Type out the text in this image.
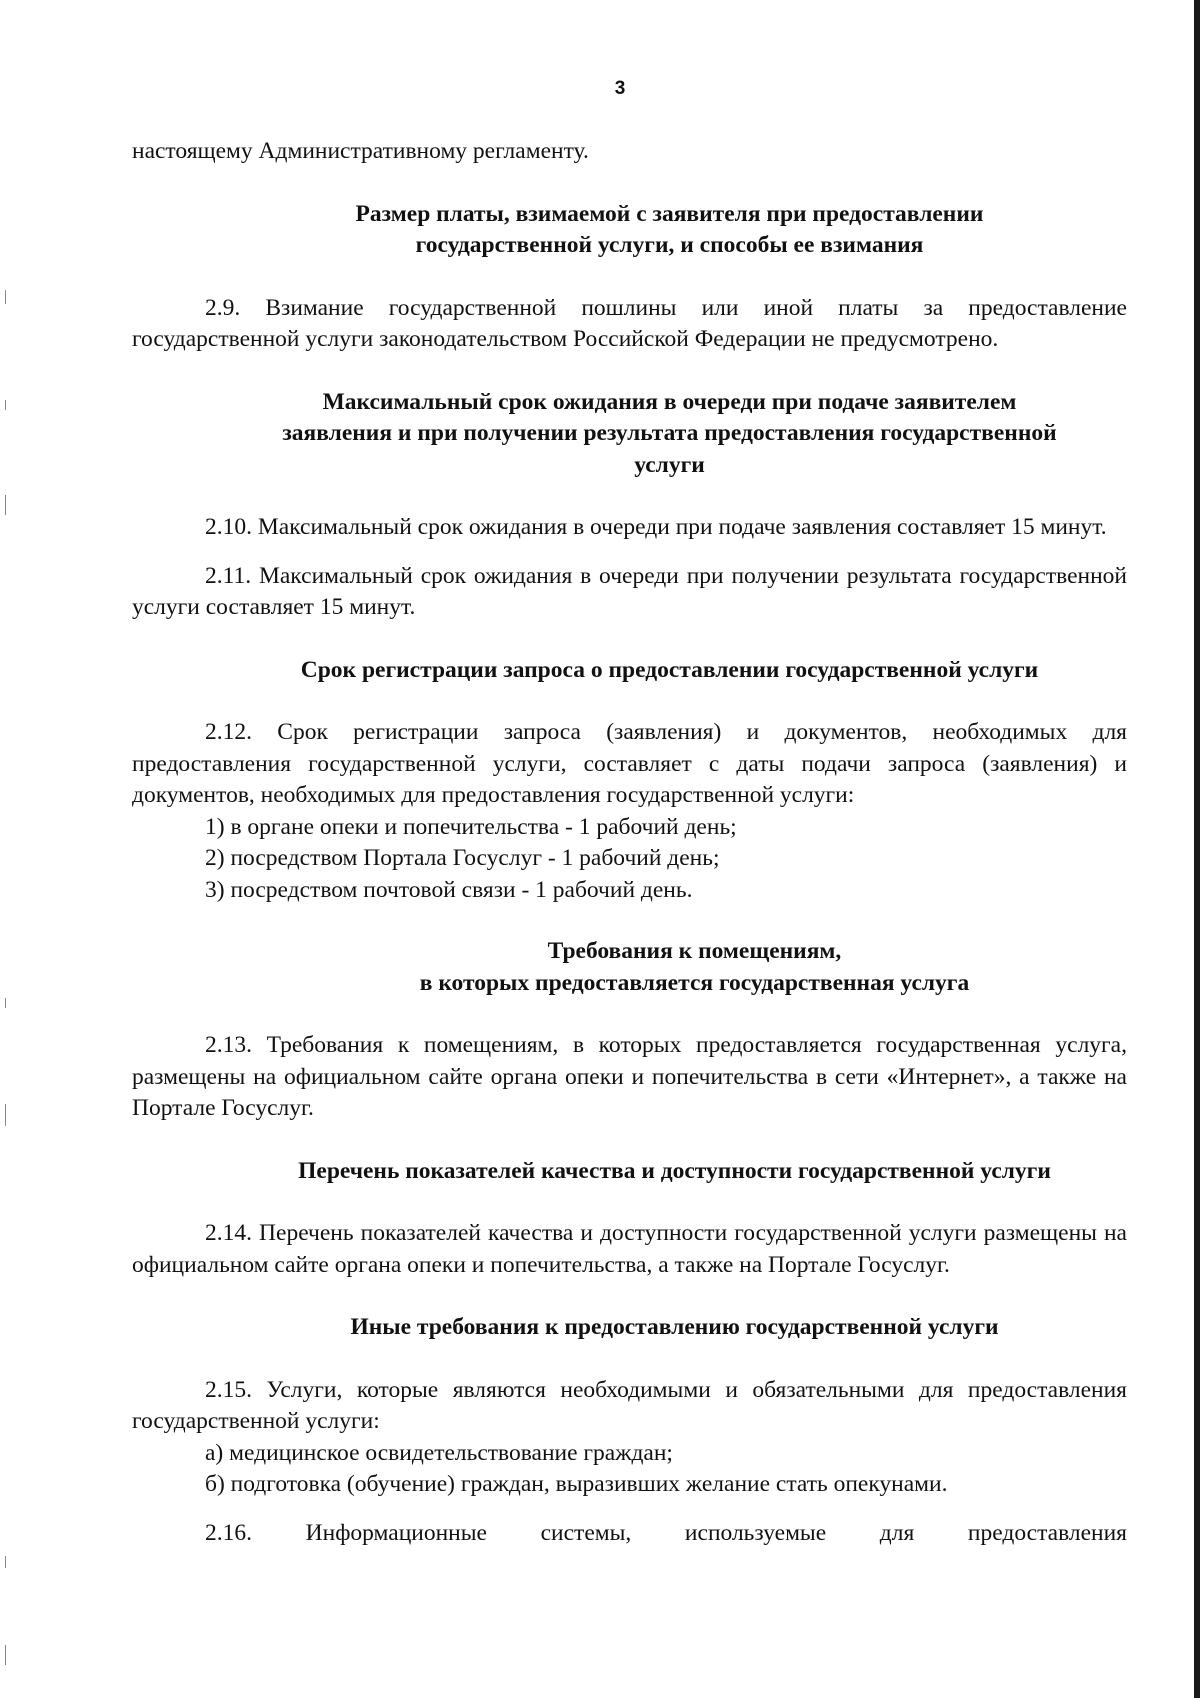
3

настоящему Административному регламенту.

Размер платы, взимаемой с заявителя при предоставлении
государственной услуги, и способы ее взимания

2.9. Взимание государственной пошлины или иной платы за предоставление государственной услуги законодательством Российской Федерации не предусмотрено.

Максимальный срок ожидания в очереди при подаче заявителем
заявления и при получении результата предоставления государственной
услуги

2.10. Максимальный срок ожидания в очереди при подаче заявления составляет 15 минут.

2.11. Максимальный срок ожидания в очереди при получении результата государственной услуги составляет 15 минут.

Срок регистрации запроса о предоставлении государственной услуги

2.12. Срок регистрации запроса (заявления) и документов, необходимых для предоставления государственной услуги, составляет с даты подачи запроса (заявления) и документов, необходимых для предоставления государственной услуги:

1) в органе опеки и попечительства - 1 рабочий день;

2) посредством Портала Госуслуг - 1 рабочий день;

3) посредством почтовой связи - 1 рабочий день.

Требования к помещениям,
в которых предоставляется государственная услуга

2.13. Требования к помещениям, в которых предоставляется государственная услуга, размещены на официальном сайте органа опеки и попечительства в сети «Интернет», а также на Портале Госуслуг.

Перечень показателей качества и доступности государственной услуги

2.14. Перечень показателей качества и доступности государственной услуги размещены на официальном сайте органа опеки и попечительства, а также на Портале Госуслуг.

Иные требования к предоставлению государственной услуги

2.15. Услуги, которые являются необходимыми и обязательными для предоставления государственной услуги:

а) медицинское освидетельствование граждан;

б) подготовка (обучение) граждан, выразивших желание стать опекунами.

2.16. Информационные системы, используемые для предоставления
